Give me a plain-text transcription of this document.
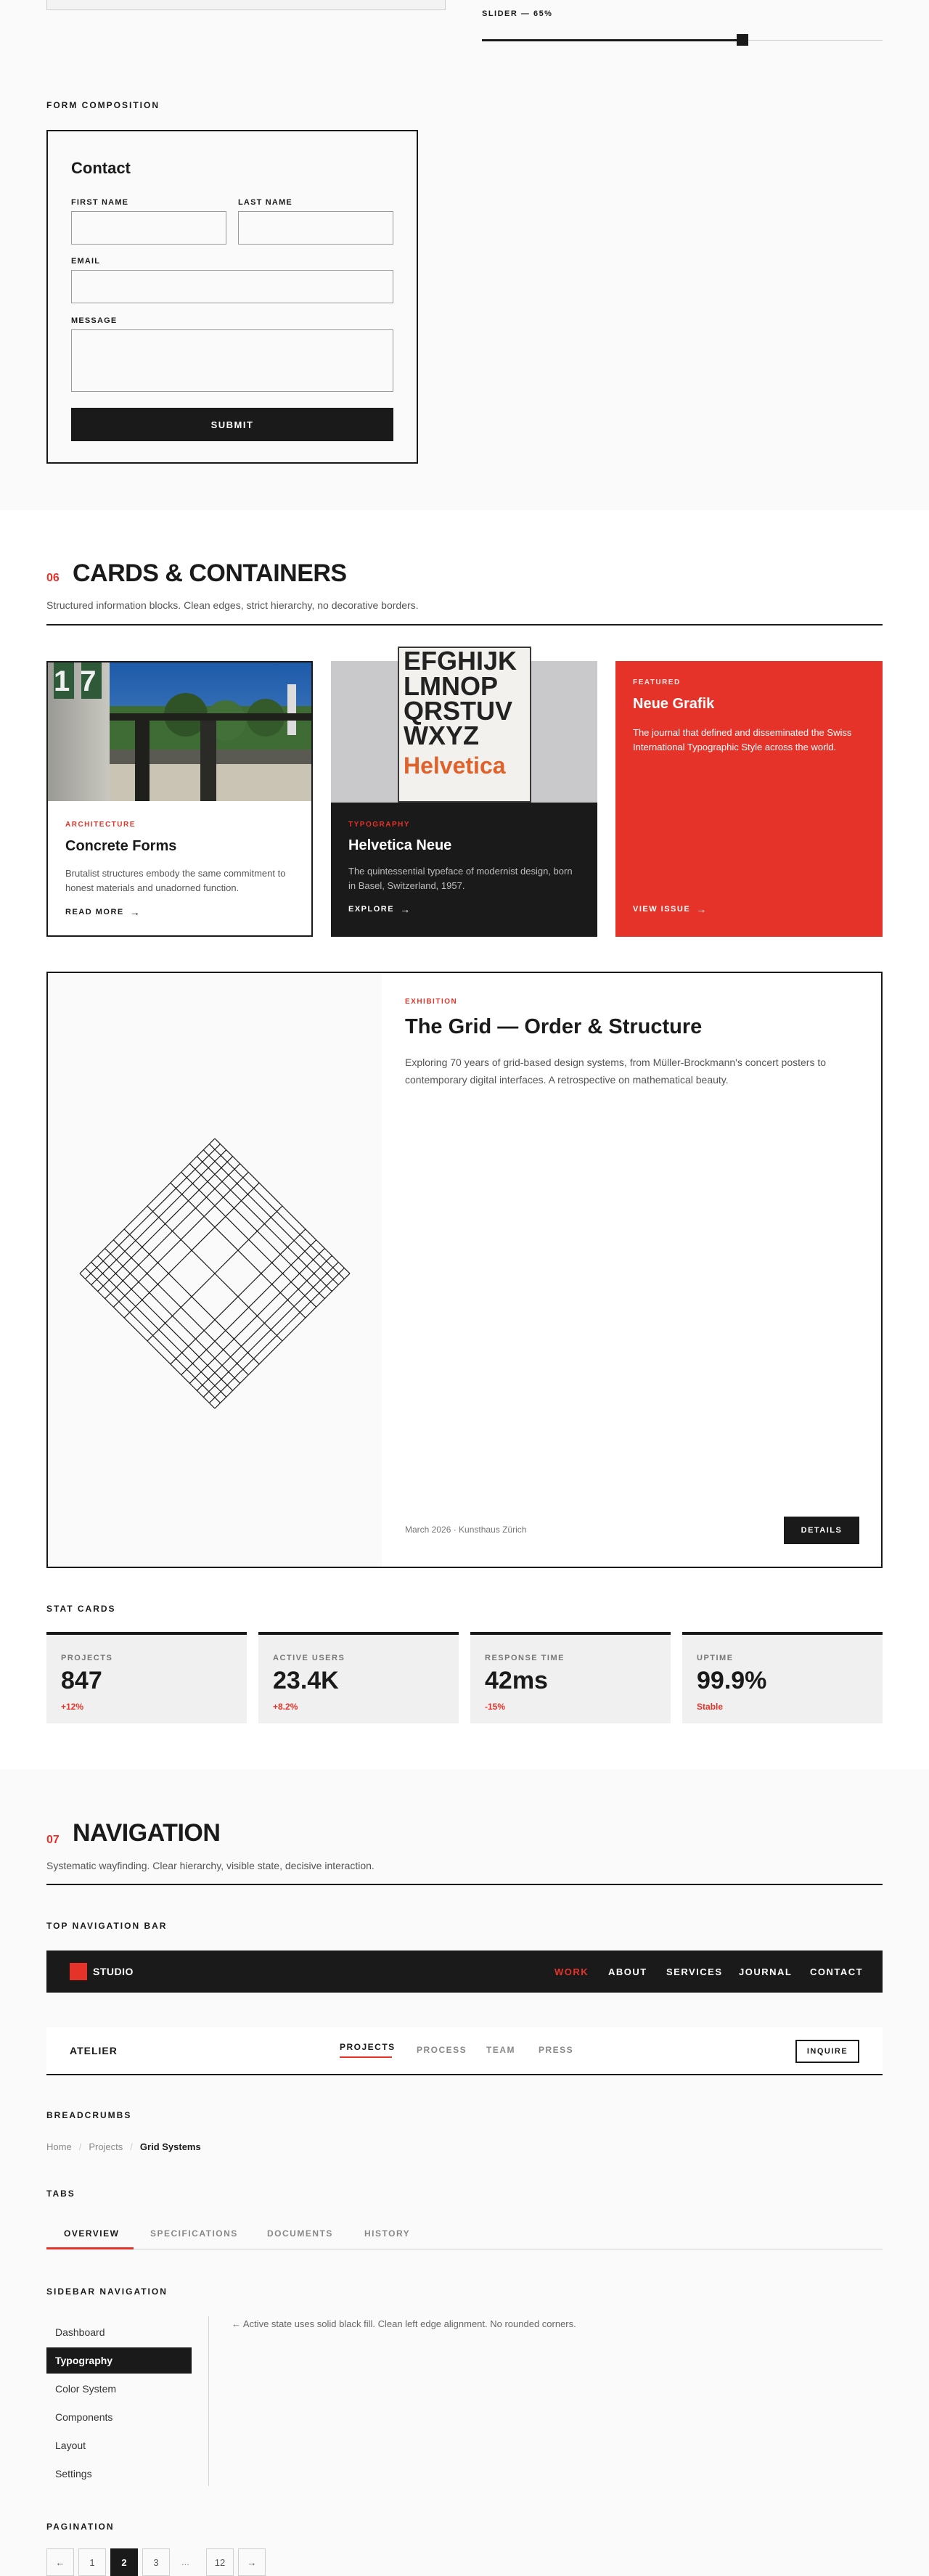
SLIDER — 65%
FORM COMPOSITION
Contact
FIRST NAME	LAST NAME
EMAIL
MESSAGE
SUBMIT
06 CARDS & CONTAINERS
Structured information blocks. Clean edges, strict hierarchy, no decorative borders.
17
ARCHITECTURE
Concrete Forms
Brutalist structures embody the same commitment to honest materials and unadorned function.
READ MORE →
EFGHIJK
LMNOP
QRSTUV
WXYZ
Helvetica
TYPOGRAPHY
Helvetica Neue
The quintessential typeface of modernist design, born in Basel, Switzerland, 1957.
EXPLORE →
FEATURED
Neue Grafik
The journal that defined and disseminated the Swiss International Typographic Style across the world.
VIEW ISSUE →
EXHIBITION
The Grid — Order & Structure
Exploring 70 years of grid-based design systems, from Müller-Brockmann's concert posters to contemporary digital interfaces. A retrospective on mathematical beauty.
March 2026 · Kunsthaus Zürich	DETAILS
STAT CARDS
PROJECTS
847
+12%
ACTIVE USERS
23.4K
+8.2%
RESPONSE TIME
42ms
-15%
UPTIME
99.9%
Stable
07 NAVIGATION
Systematic wayfinding. Clear hierarchy, visible state, decisive interaction.
TOP NAVIGATION BAR
STUDIO	WORK ABOUT SERVICES JOURNAL CONTACT
ATELIER	PROJECTS PROCESS TEAM	PRESS	INQUIRE
BREADCRUMBS
Home / Projects / Grid Systems
TABS
OVERVIEW	SPECIFICATIONS	DOCUMENTS	HISTORY
SIDEBAR NAVIGATION
Dashboard
Typography
Color System
Components
Layout
Settings
← Active state uses solid black fill. Clean left edge alignment. No rounded corners.
PAGINATION
←	1	2	3	...	12	→
